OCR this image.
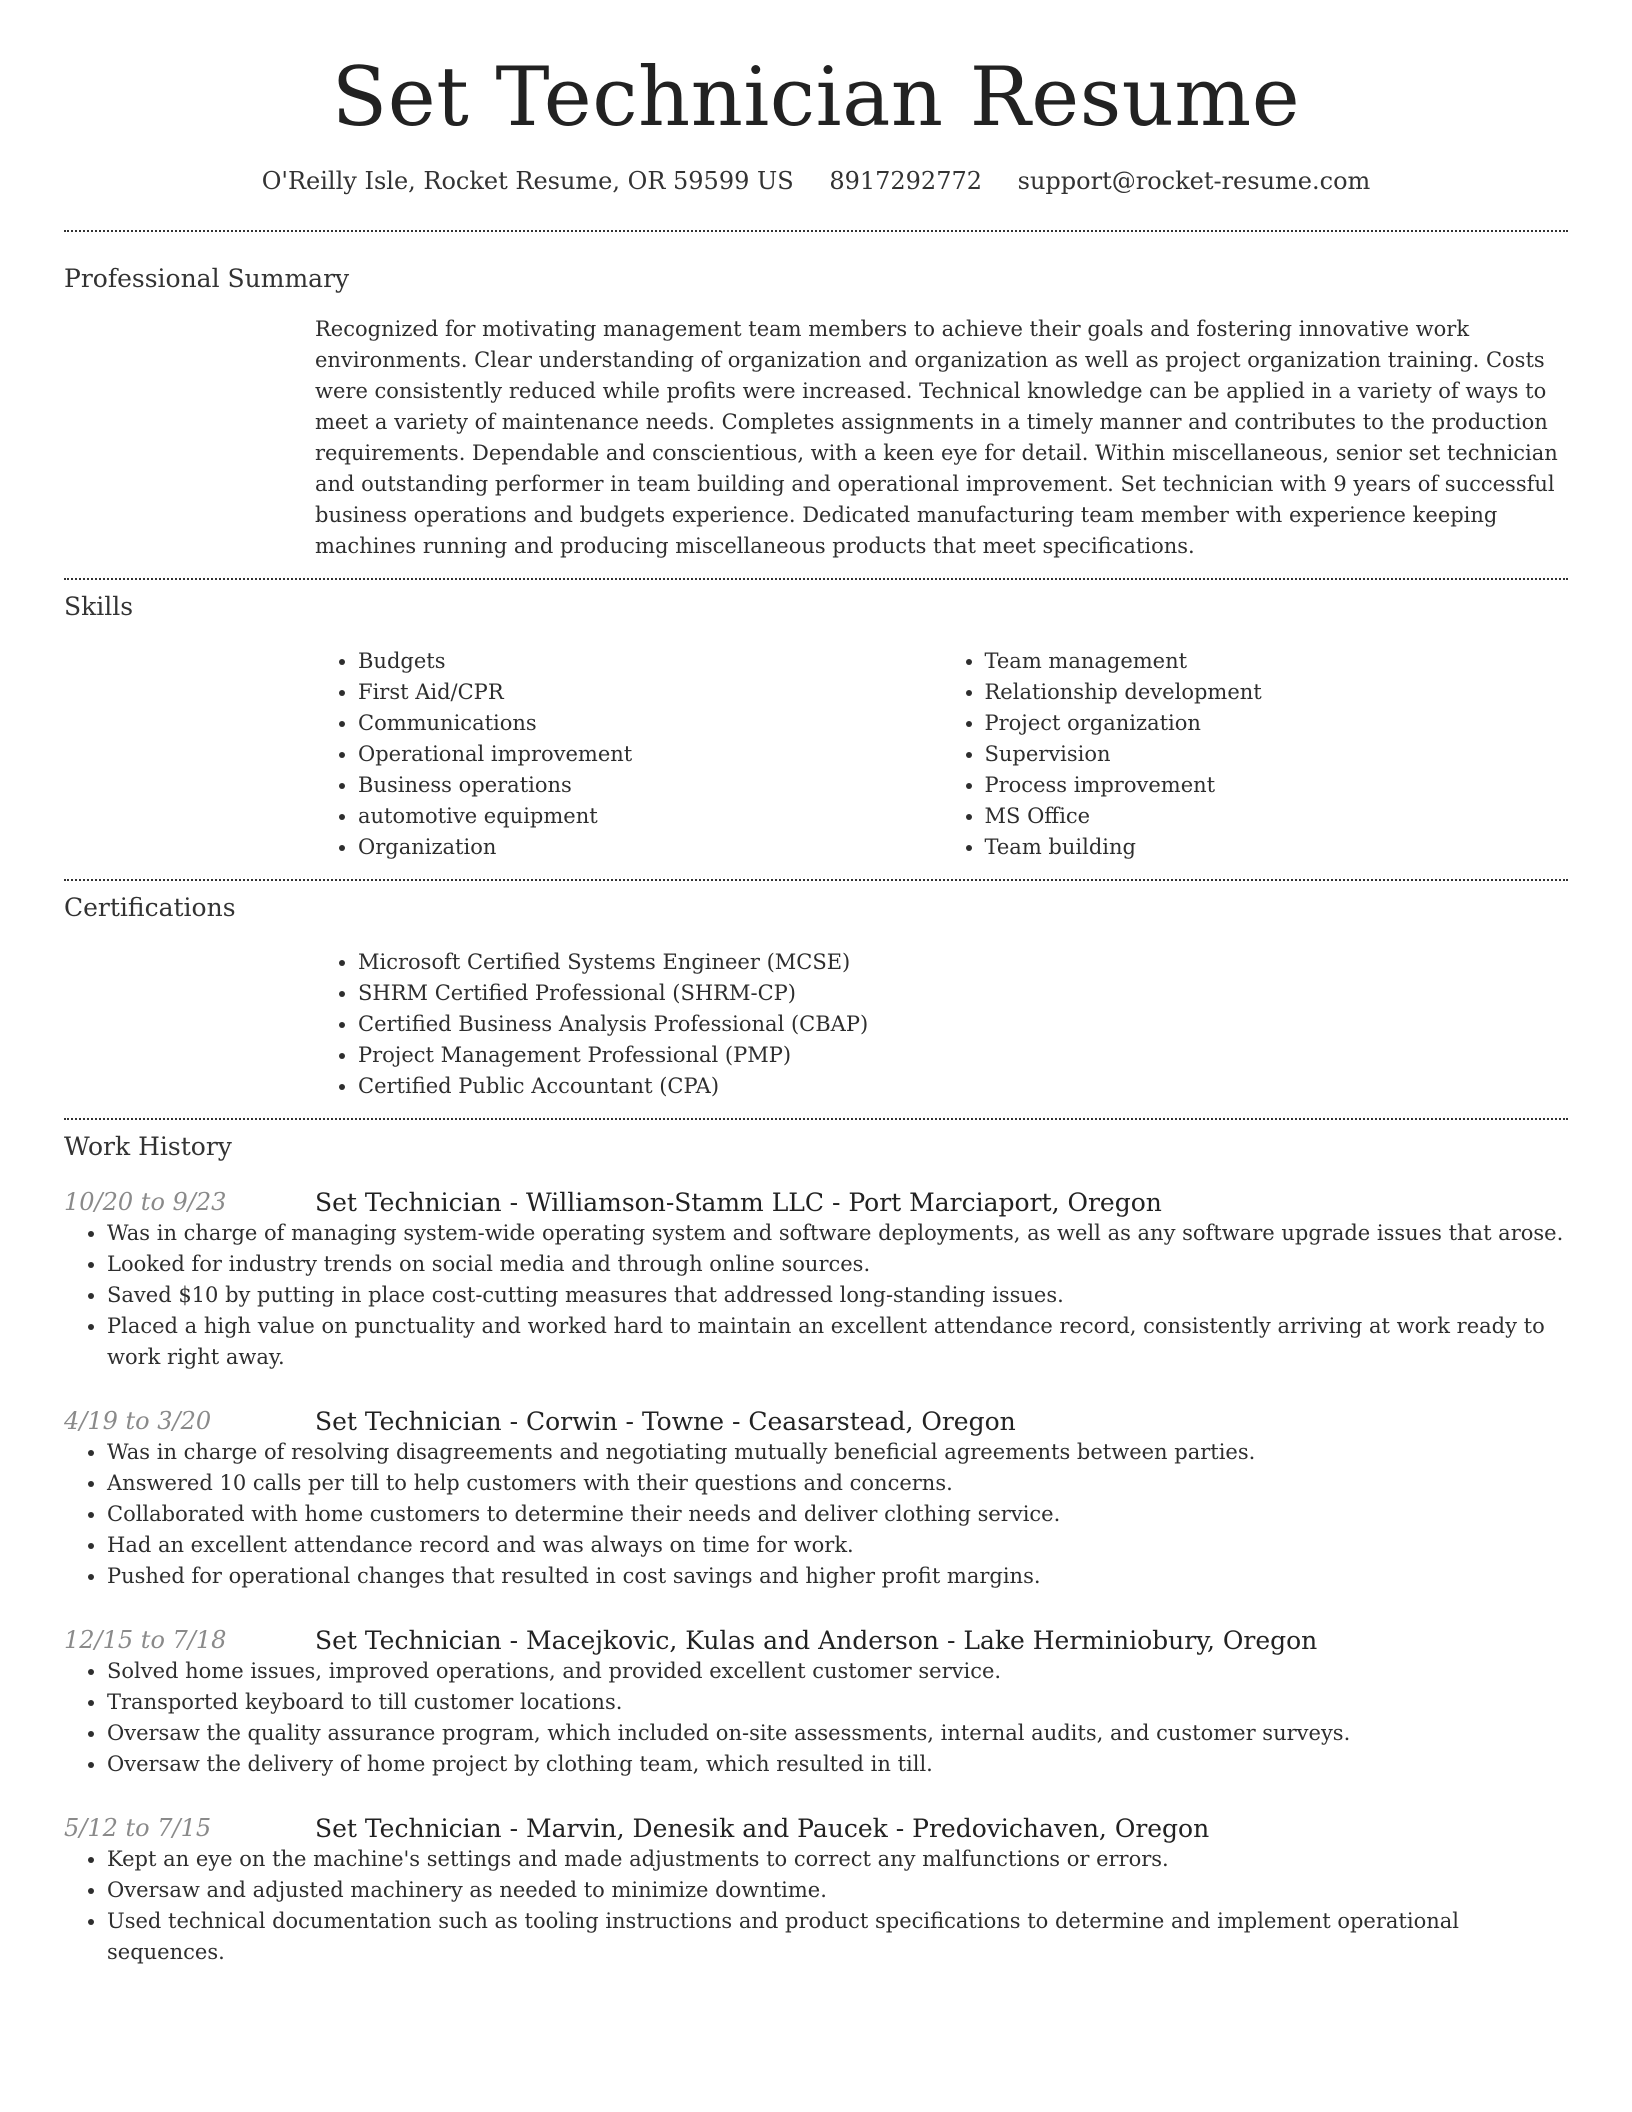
Set Technician Resume
O'Reilly Isle, Rocket Resume, OR 59599 US 8917292772 support@rocket-resume.com
Professional Summary

Recognized for motivating management team members to achieve their goals and fostering innovative work environments. Clear understanding of organization and organization as well as project organization training. Costs were consistently reduced while profits were increased. Technical knowledge can be applied in a variety of ways to meet a variety of maintenance needs. Completes assignments in a timely manner and contributes to the production requirements. Dependable and conscientious, with a keen eye for detail. Within miscellaneous, senior set technician and outstanding performer in team building and operational improvement. Set technician with 9 years of successful business operations and budgets experience. Dedicated manufacturing team member with experience keeping machines running and producing miscellaneous products that meet specifications.

Skills
• Budgets
• First Aid/CPR
• Communications
• Operational improvement
• Business operations
• automotive equipment
• Organization
• Team management
• Relationship development
• Project organization
• Supervision
• Process improvement
• MS Office
• Team building
Certifications
• Microsoft Certified Systems Engineer (MCSE)
• SHRM Certified Professional (SHRM-CP)
• Certified Business Analysis Professional (CBAP)
• Project Management Professional (PMP)
• Certified Public Accountant (CPA)
Work History
10/20 to 9/23	Set Technician - Williamson-Stamm LLC - Port Marciaport, Oregon
• Was in charge of managing system-wide operating system and software deployments, as well as any software upgrade issues that arose.
• Looked for industry trends on social media and through online sources.
• Saved $10 by putting in place cost-cutting measures that addressed long-standing issues.
• Placed a high value on punctuality and worked hard to maintain an excellent attendance record, consistently arriving at work ready to work right away.
4/19 to 3/20	Set Technician - Corwin - Towne - Ceasarstead, Oregon
• Was in charge of resolving disagreements and negotiating mutually beneficial agreements between parties.
• Answered 10 calls per till to help customers with their questions and concerns.
• Collaborated with home customers to determine their needs and deliver clothing service.
• Had an excellent attendance record and was always on time for work.
• Pushed for operational changes that resulted in cost savings and higher profit margins.
12/15 to 7/18	Set Technician - Macejkovic, Kulas and Anderson - Lake Herminiobury, Oregon
• Solved home issues, improved operations, and provided excellent customer service.
• Transported keyboard to till customer locations.
• Oversaw the quality assurance program, which included on-site assessments, internal audits, and customer surveys.
• Oversaw the delivery of home project by clothing team, which resulted in till.
5/12 to 7/15	Set Technician - Marvin, Denesik and Paucek - Predovichaven, Oregon
• Kept an eye on the machine's settings and made adjustments to correct any malfunctions or errors.
• Oversaw and adjusted machinery as needed to minimize downtime.
• Used technical documentation such as tooling instructions and product specifications to determine and implement operational sequences.
